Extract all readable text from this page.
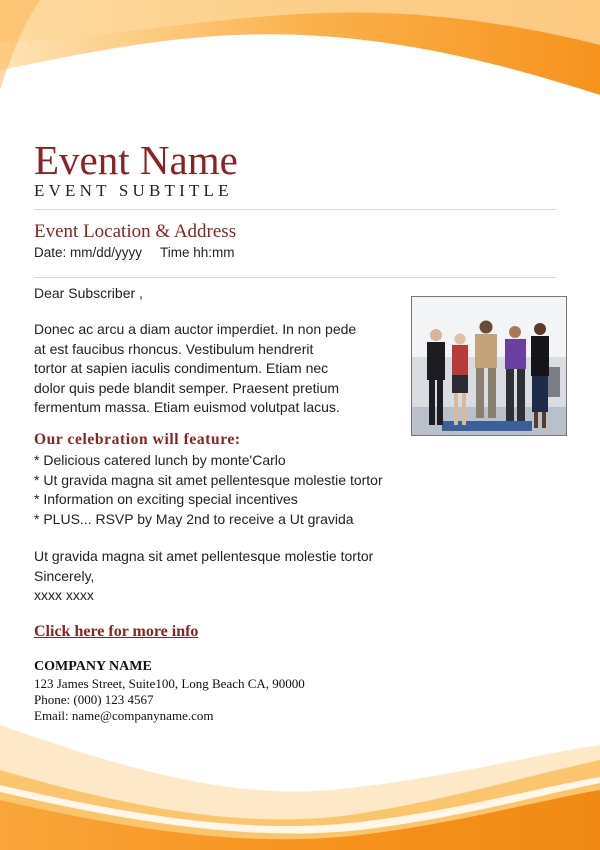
Event Name
EVENT SUBTITLE
Event Location & Address
Date: mm/dd/yyyy Time hh:mm
Dear Subscriber ,
Donec ac arcu a diam auctor imperdiet. In non pede
at est faucibus rhoncus. Vestibulum hendrerit
tortor at sapien iaculis condimentum. Etiam nec
dolor quis pede blandit semper. Praesent pretium
fermentum massa. Etiam euismod volutpat lacus.
Our celebration will feature:
* Delicious catered lunch by monte'Carlo
* Ut gravida magna sit amet pellentesque molestie tortor
* Information on exciting special incentives
* PLUS... RSVP by May 2nd to receive a Ut gravida
Ut gravida magna sit amet pellentesque molestie tortor
Sincerely,
xxxx xxxx
Click here for more info
COMPANY NAME
123 James Street, Suite100, Long Beach CA, 90000
Phone: (000) 123 4567
Email: name@companyname.com
